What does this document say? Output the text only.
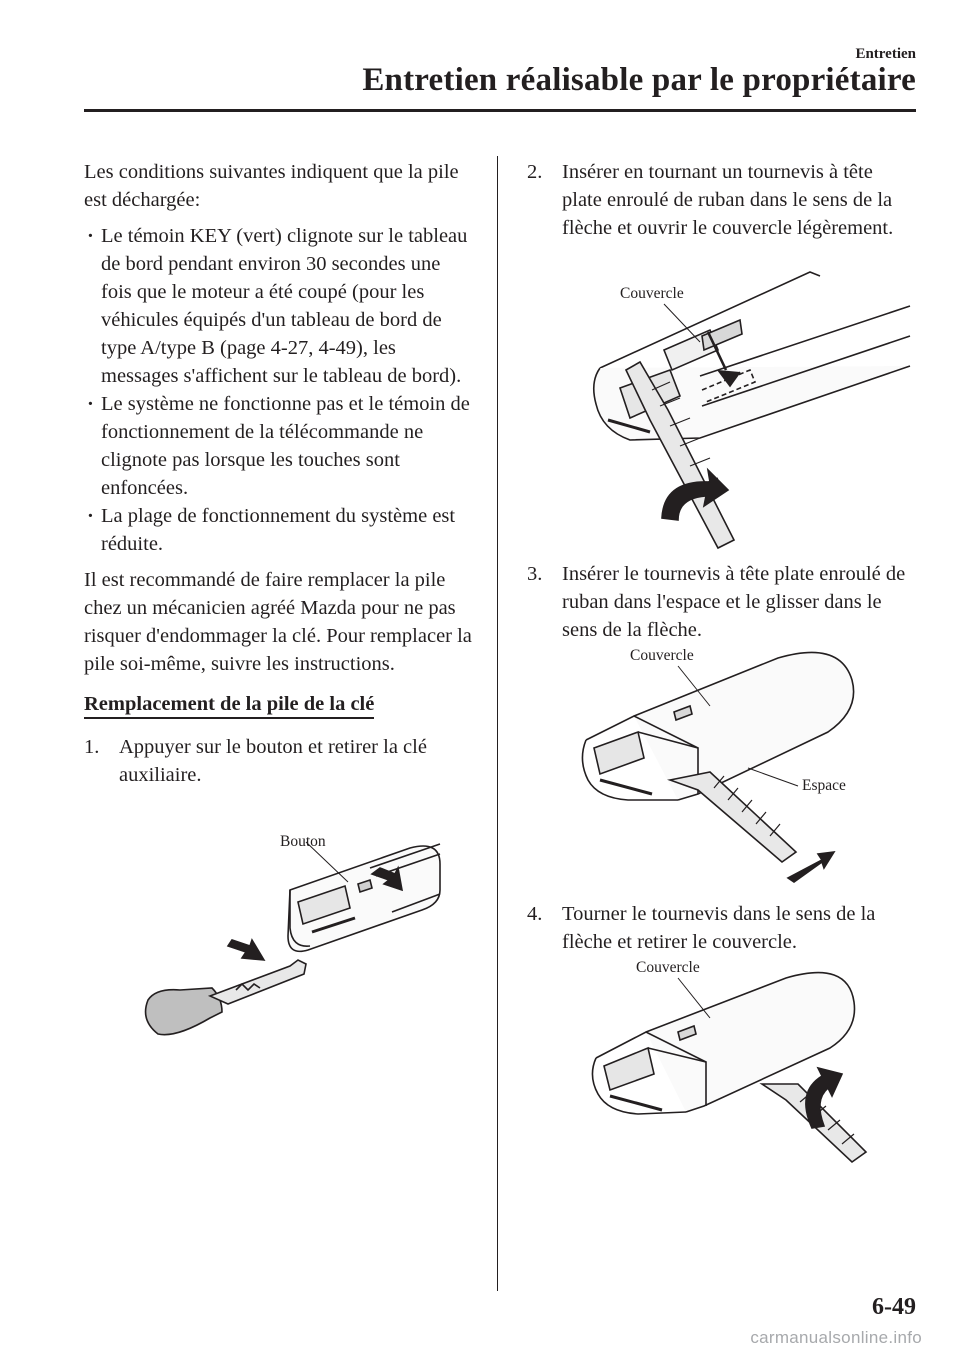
Entretien
Entretien réalisable par le propriétaire

Les conditions suivantes indiquent que la pile est déchargée:

· Le témoin KEY (vert) clignote sur le tableau de bord pendant environ 30 secondes une fois que le moteur a été coupé (pour les véhicules équipés d'un tableau de bord de type A/type B (page 4-27, 4-49), les messages s'affichent sur le tableau de bord).
· Le système ne fonctionne pas et le témoin de fonctionnement de la télécommande ne clignote pas lorsque les touches sont enfoncées.
· La plage de fonctionnement du système est réduite.

Il est recommandé de faire remplacer la pile chez un mécanicien agréé Mazda pour ne pas risquer d'endommager la clé. Pour remplacer la pile soi-même, suivre les instructions.

Remplacement de la pile de la clé
1. Appuyer sur le bouton et retirer la clé auxiliaire.
Bouton
2. Insérer en tournant un tournevis à tête plate enroulé de ruban dans le sens de la flèche et ouvrir le couvercle légèrement.
Couvercle
3. Insérer le tournevis à tête plate enroulé de ruban dans l'espace et le glisser dans le sens de la flèche.
Couvercle
Espace
4. Tourner le tournevis dans le sens de la flèche et retirer le couvercle.
Couvercle
6-49
carmanualsonline.info
